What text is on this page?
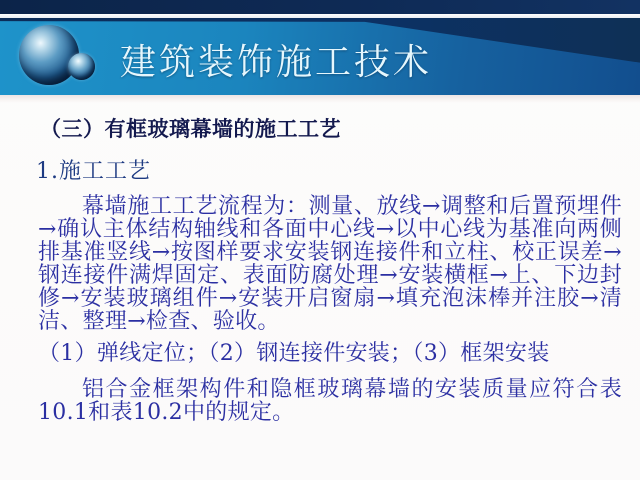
建筑装饰施工技术
（三）有框玻璃幕墙的施工工艺
1.施工工艺
幕墙施工工艺流程为：测量、放线→调整和后置预埋件→确认主体结构轴线和各面中心线→以中心线为基准向两侧排基准竖线→按图样要求安装钢连接件和立柱、校正误差→钢连接件满焊固定、表面防腐处理→安装横框→上、下边封修→安装玻璃组件→安装开启窗扇→填充泡沫棒并注胶→清洁、整理→检查、验收。
（1）弹线定位；（2）钢连接件安装；（3）框架安装
铝合金框架构件和隐框玻璃幕墙的安装质量应符合表10.1和表10.2中的规定。
